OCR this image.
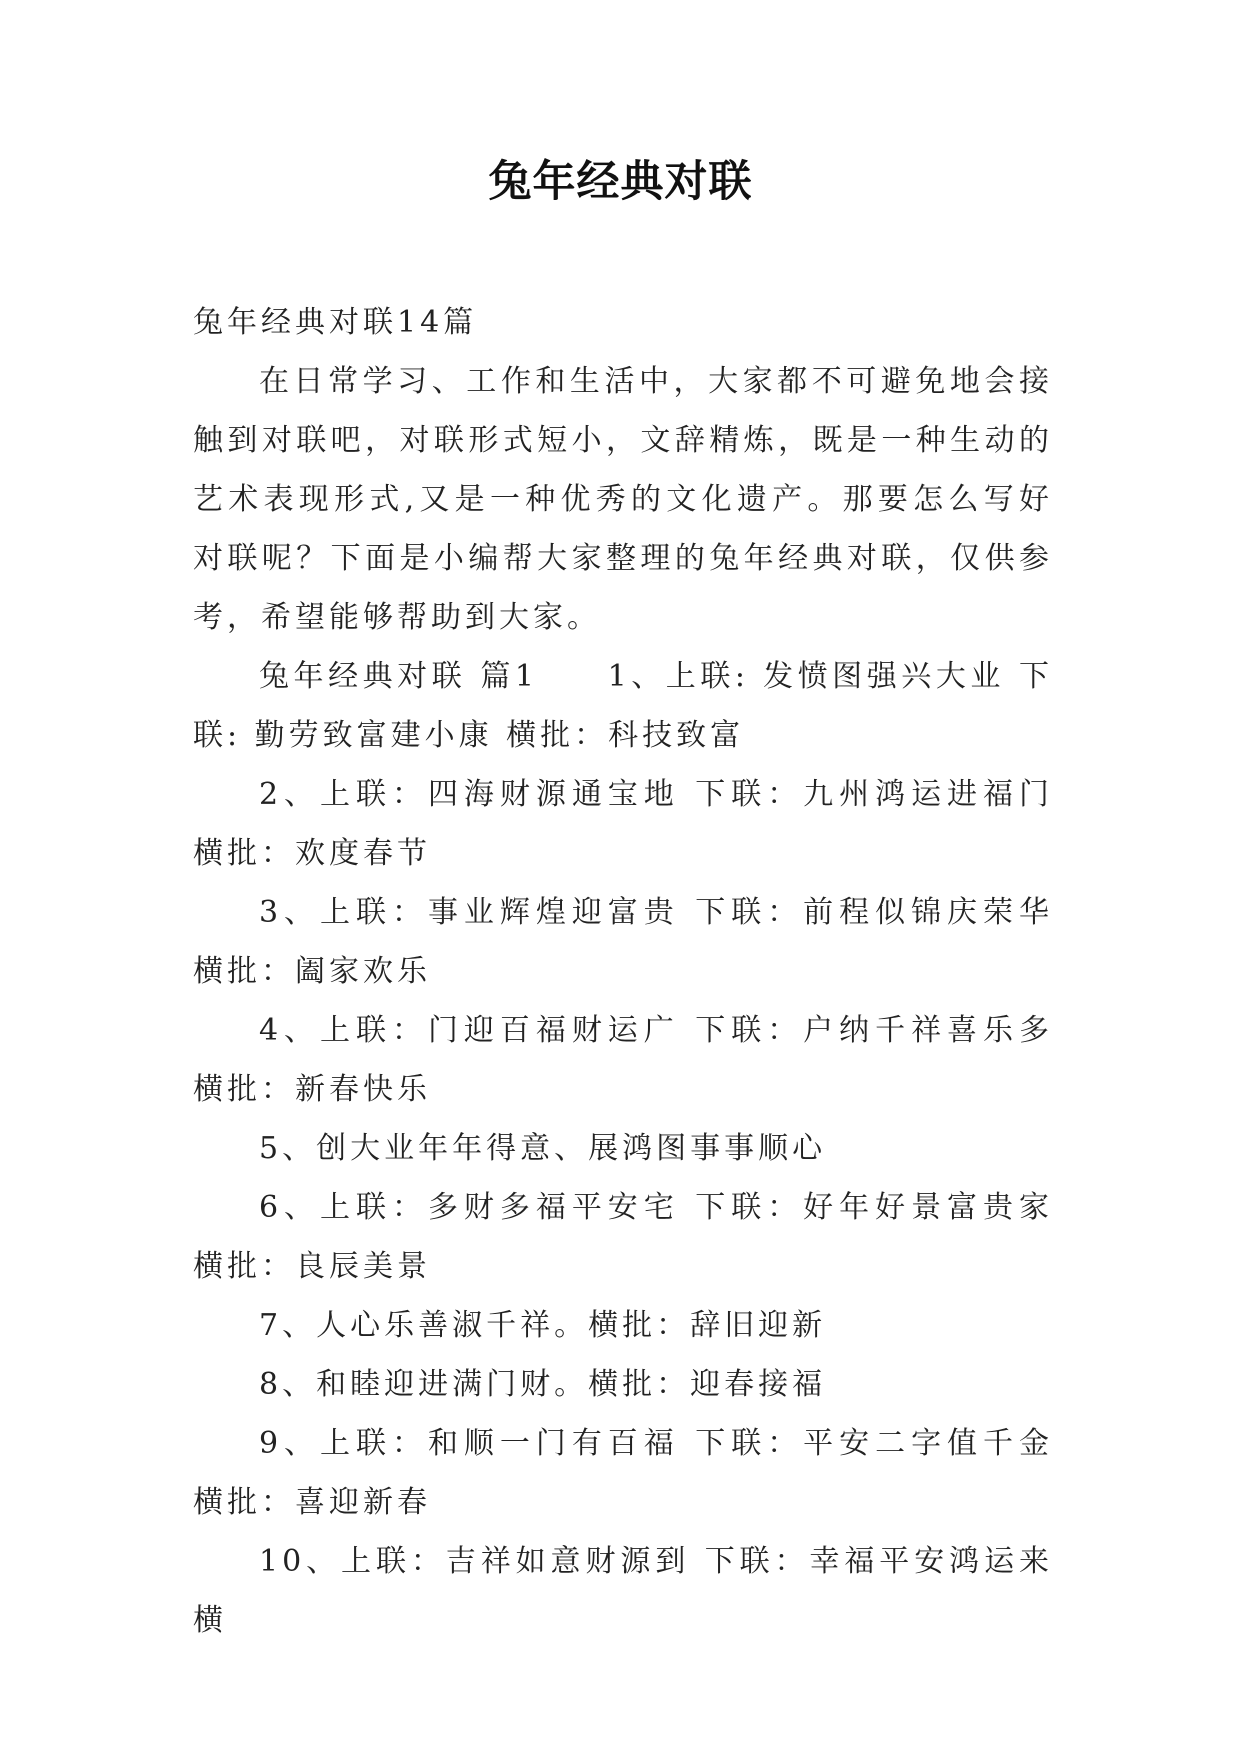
兔年经典对联

兔年经典对联14篇

在日常学习、工作和生活中，大家都不可避免地会接触到对联吧，对联形式短小，文辞精炼，既是一种生动的艺术表现形式,又是一种优秀的文化遗产。那要怎么写好对联呢？下面是小编帮大家整理的兔年经典对联，仅供参考，希望能够帮助到大家。

兔年经典对联 篇1　　1、上联: 发愤图强兴大业 下联: 勤劳致富建小康 横批：科技致富

2、上联：四海财源通宝地 下联：九州鸿运进福门 横批：欢度春节

3、上联：事业辉煌迎富贵 下联：前程似锦庆荣华 横批：阖家欢乐

4、上联：门迎百福财运广 下联：户纳千祥喜乐多 横批：新春快乐

5、创大业年年得意、展鸿图事事顺心

6、上联：多财多福平安宅 下联：好年好景富贵家 横批：良辰美景

7、人心乐善淑千祥。横批：辞旧迎新

8、和睦迎进满门财。横批：迎春接福

9、上联：和顺一门有百福 下联：平安二字值千金 横批：喜迎新春

10、上联：吉祥如意财源到 下联：幸福平安鸿运来 横
